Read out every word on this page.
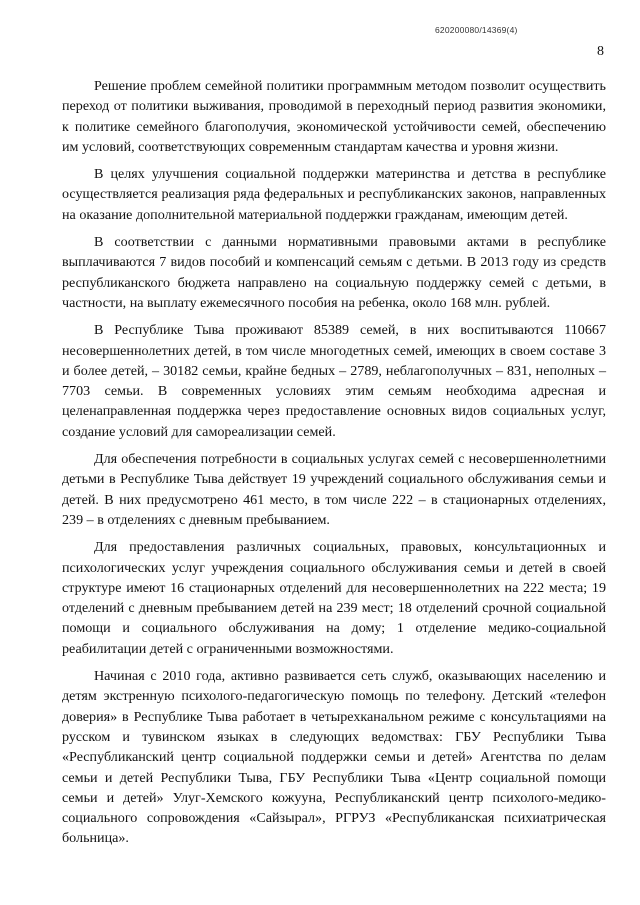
620200080/14369(4)
8

Решение проблем семейной политики программным методом позволит осуществить переход от политики выживания, проводимой в переходный период развития экономики, к политике семейного благополучия, экономической устойчивости семей, обеспечению им условий, соответствующих современным стандартам качества и уровня жизни.

В целях улучшения социальной поддержки материнства и детства в республике осуществляется реализация ряда федеральных и республиканских законов, направленных на оказание дополнительной материальной поддержки гражданам, имеющим детей.

В соответствии с данными нормативными правовыми актами в республике выплачиваются 7 видов пособий и компенсаций семьям с детьми. В 2013 году из средств республиканского бюджета направлено на социальную поддержку семей с детьми, в частности, на выплату ежемесячного пособия на ребенка, около 168 млн. рублей.

В Республике Тыва проживают 85389 семей, в них воспитываются 110667 несовершеннолетних детей, в том числе многодетных семей, имеющих в своем составе 3 и более детей, – 30182 семьи, крайне бедных – 2789, неблагополучных – 831, неполных – 7703 семьи. В современных условиях этим семьям необходима адресная и целенаправленная поддержка через предоставление основных видов социальных услуг, создание условий для самореализации семей.

Для обеспечения потребности в социальных услугах семей с несовершеннолетними детьми в Республике Тыва действует 19 учреждений социального обслуживания семьи и детей. В них предусмотрено 461 место, в том числе 222 – в стационарных отделениях, 239 – в отделениях с дневным пребыванием.

Для предоставления различных социальных, правовых, консультационных и психологических услуг учреждения социального обслуживания семьи и детей в своей структуре имеют 16 стационарных отделений для несовершеннолетних на 222 места; 19 отделений с дневным пребыванием детей на 239 мест; 18 отделений срочной социальной помощи и социального обслуживания на дому; 1 отделение медико-социальной реабилитации детей с ограниченными возможностями.

Начиная с 2010 года, активно развивается сеть служб, оказывающих населению и детям экстренную психолого-педагогическую помощь по телефону. Детский «телефон доверия» в Республике Тыва работает в четырехканальном режиме с консультациями на русском и тувинском языках в следующих ведомствах: ГБУ Республики Тыва «Республиканский центр социальной поддержки семьи и детей» Агентства по делам семьи и детей Республики Тыва, ГБУ Республики Тыва «Центр социальной помощи семьи и детей» Улуг-Хемского кожууна, Республиканский центр психолого-медико-социального сопровождения «Сайзырал», РГРУЗ «Республиканская психиатрическая больница».
